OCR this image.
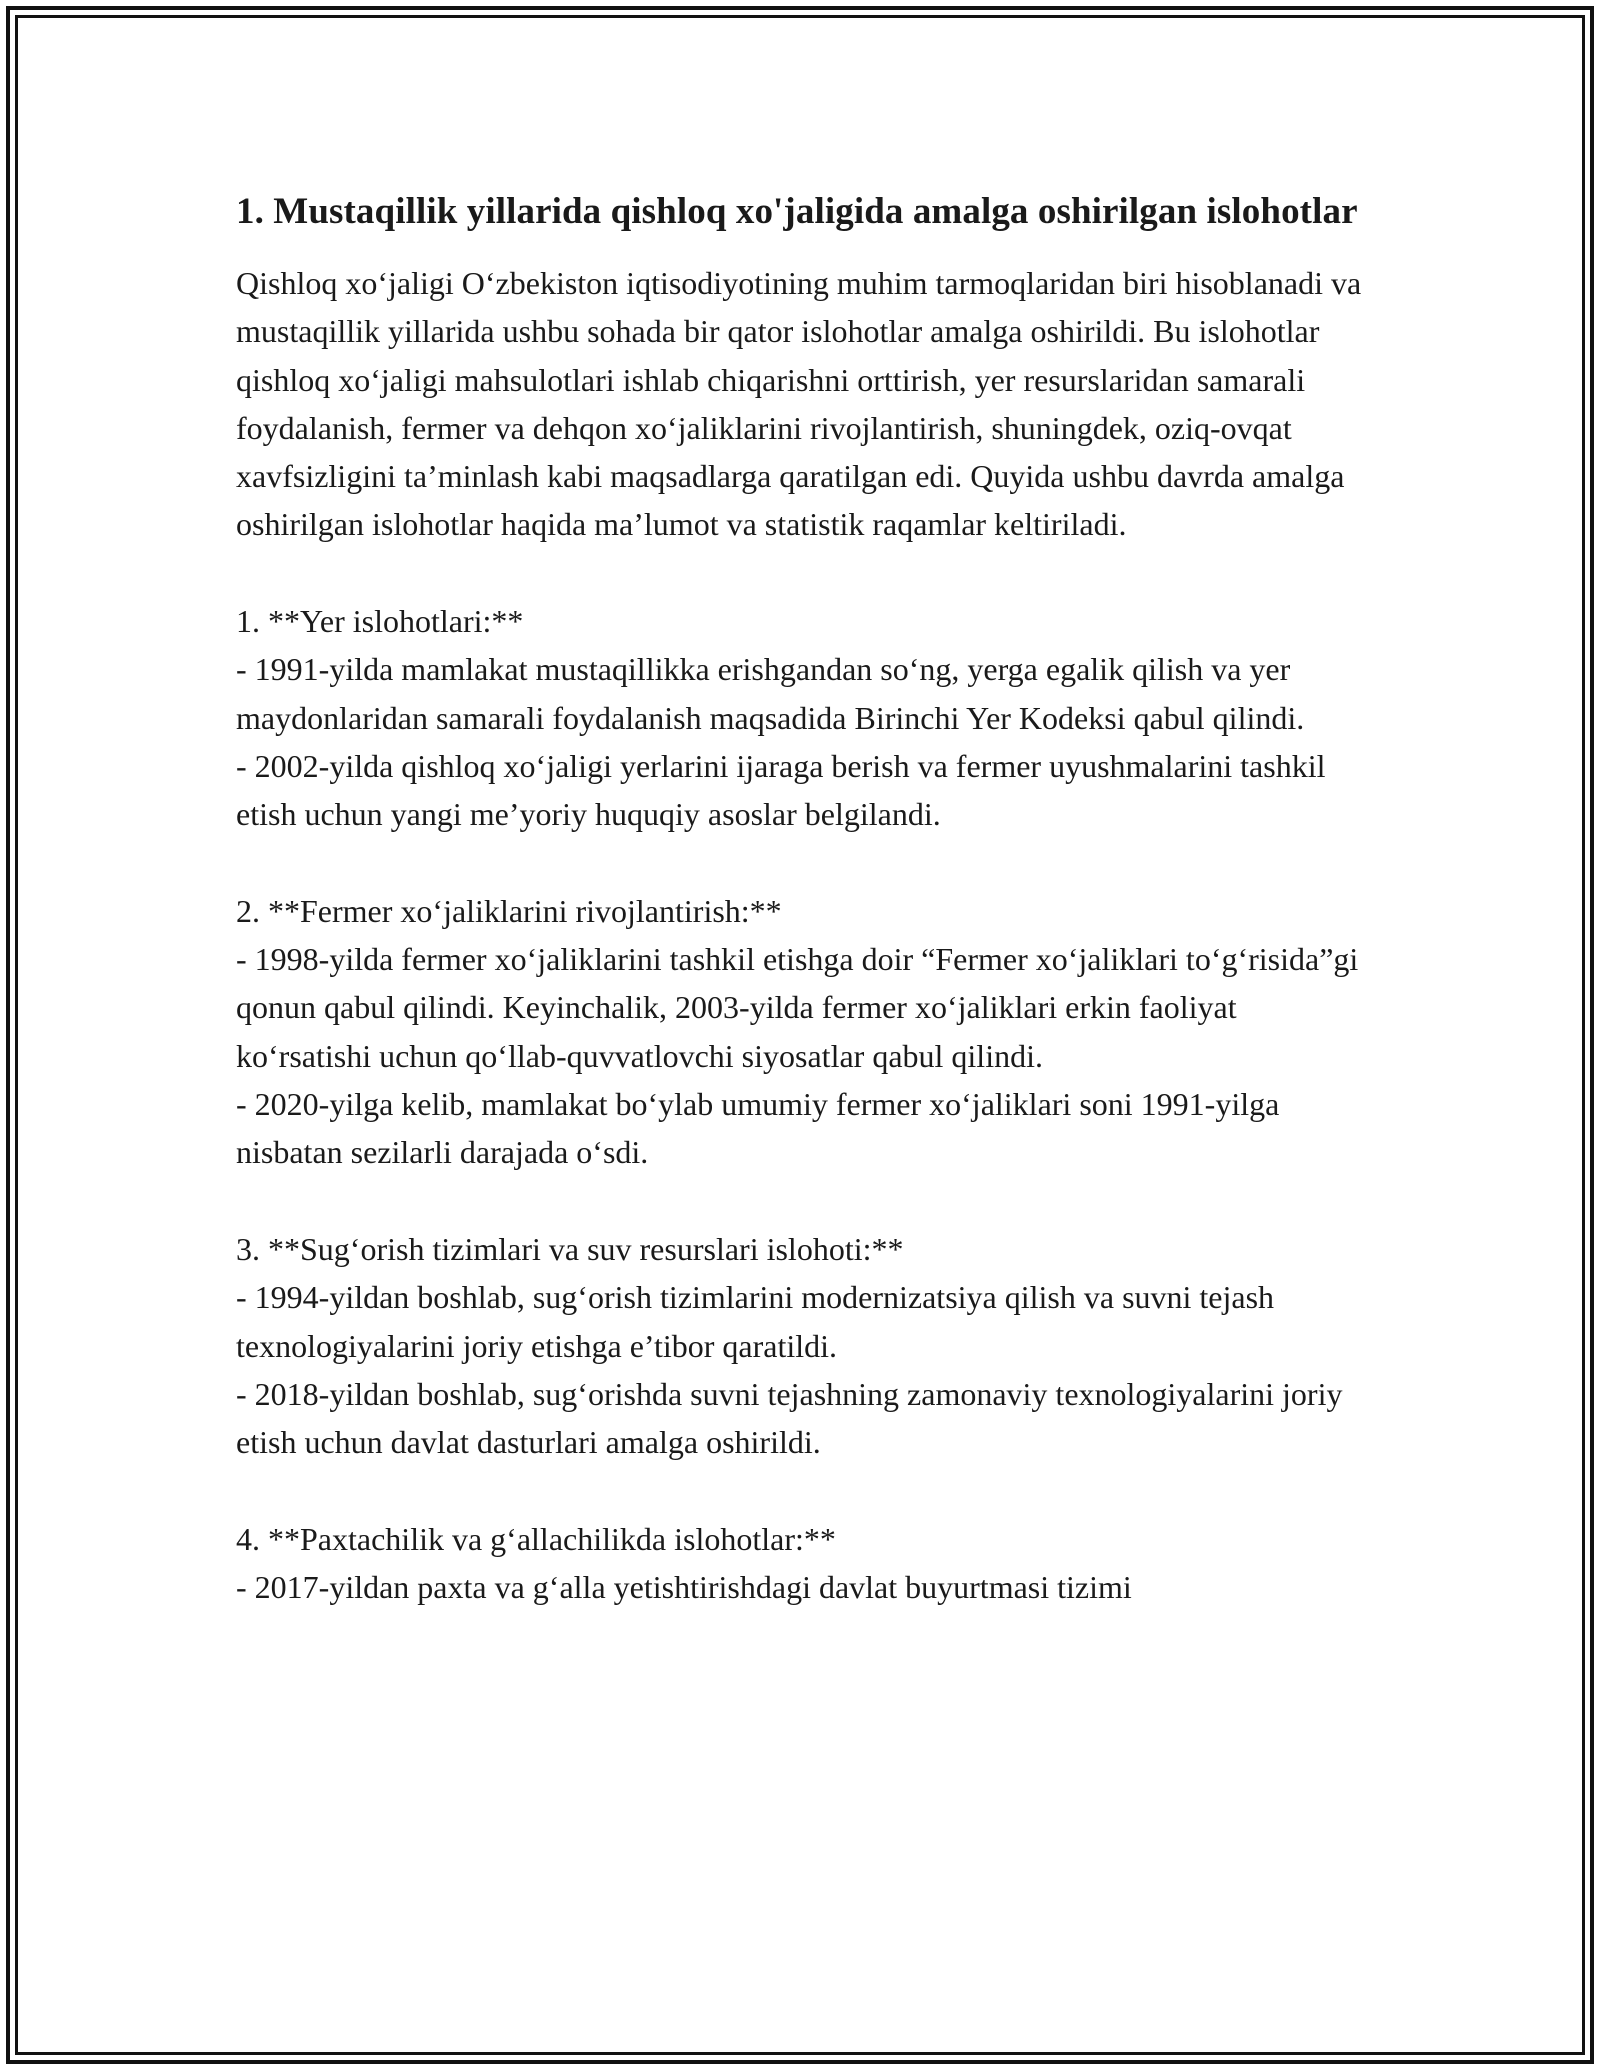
1. Mustaqillik yillarida qishloq xo'jaligida amalga oshirilgan islohotlar

Qishloq xo‘jaligi O‘zbekiston iqtisodiyotining muhim tarmoqlaridan biri hisoblanadi va mustaqillik yillarida ushbu sohada bir qator islohotlar amalga oshirildi. Bu islohotlar qishloq xo‘jaligi mahsulotlari ishlab chiqarishni orttirish, yer resurslaridan samarali foydalanish, fermer va dehqon xo‘jaliklarini rivojlantirish, shuningdek, oziq-ovqat xavfsizligini ta’minlash kabi maqsadlarga qaratilgan edi. Quyida ushbu davrda amalga oshirilgan islohotlar haqida ma’lumot va statistik raqamlar keltiriladi.

1. **Yer islohotlari:**

- 1991-yilda mamlakat mustaqillikka erishgandan so‘ng, yerga egalik qilish va yer maydonlaridan samarali foydalanish maqsadida Birinchi Yer Kodeksi qabul qilindi.

- 2002-yilda qishloq xo‘jaligi yerlarini ijaraga berish va fermer uyushmalarini tashkil etish uchun yangi me’yoriy huquqiy asoslar belgilandi.

2. **Fermer xo‘jaliklarini rivojlantirish:**

- 1998-yilda fermer xo‘jaliklarini tashkil etishga doir “Fermer xo‘jaliklari to‘g‘risida”gi qonun qabul qilindi. Keyinchalik, 2003-yilda fermer xo‘jaliklari erkin faoliyat ko‘rsatishi uchun qo‘llab-quvvatlovchi siyosatlar qabul qilindi.

- 2020-yilga kelib, mamlakat bo‘ylab umumiy fermer xo‘jaliklari soni 1991-yilga nisbatan sezilarli darajada o‘sdi.

3. **Sug‘orish tizimlari va suv resurslari islohoti:**

- 1994-yildan boshlab, sug‘orish tizimlarini modernizatsiya qilish va suvni tejash texnologiyalarini joriy etishga e’tibor qaratildi.

- 2018-yildan boshlab, sug‘orishda suvni tejashning zamonaviy texnologiyalarini joriy etish uchun davlat dasturlari amalga oshirildi.

4. **Paxtachilik va g‘allachilikda islohotlar:**

- 2017-yildan paxta va g‘alla yetishtirishdagi davlat buyurtmasi tizimi
